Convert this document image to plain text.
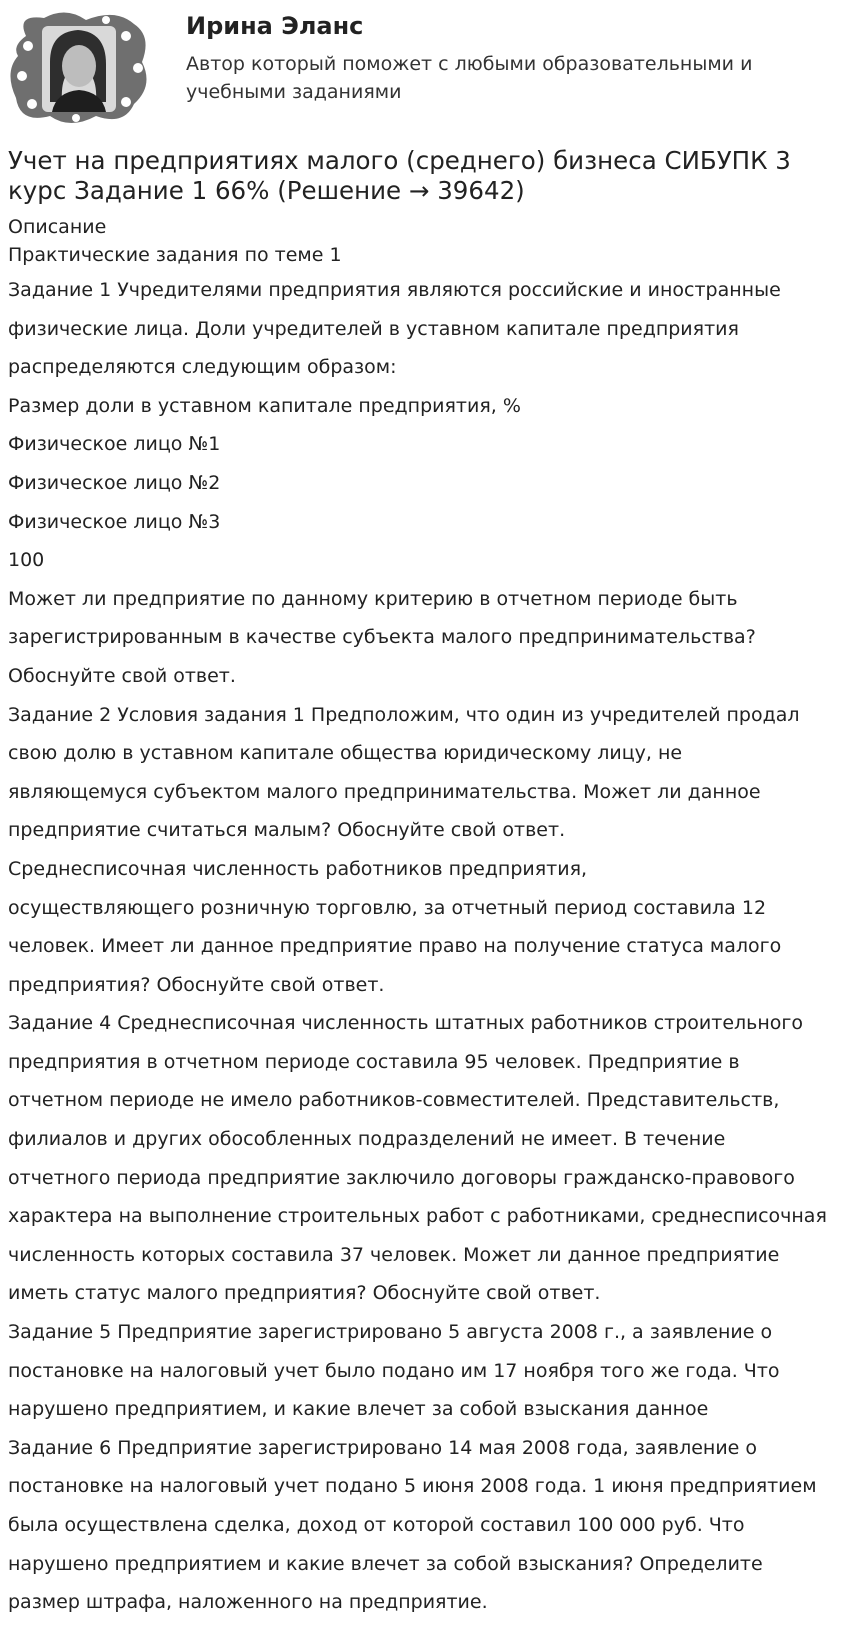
Ирина Эланс
Автор который поможет с любыми образовательными и учебными заданиями
Учет на предприятиях малого (среднего) бизнеса СИБУПК 3 курс Задание 1 66% (Решение → 39642)
Описание
Практические задания по теме 1
Задание 1 Учредителями предприятия являются российские и иностранные
физические лица. Доли учредителей в уставном капитале предприятия
распределяются следующим образом:
Размер доли в уставном капитале предприятия, %
Физическое лицо №1
Физическое лицо №2
Физическое лицо №3
100
Может ли предприятие по данному критерию в отчетном периоде быть
зарегистрированным в качестве субъекта малого предпринимательства?
Обоснуйте свой ответ.
Задание 2 Условия задания 1 Предположим, что один из учредителей продал
свою долю в уставном капитале общества юридическому лицу, не
являющемуся субъектом малого предпринимательства. Может ли данное
предприятие считаться малым? Обоснуйте свой ответ.
Среднесписочная численность работников предприятия,
осуществляющего розничную торговлю, за отчетный период составила 12
человек. Имеет ли данное предприятие право на получение статуса малого
предприятия? Обоснуйте свой ответ.
Задание 4 Среднесписочная численность штатных работников строительного
предприятия в отчетном периоде составила 95 человек. Предприятие в
отчетном периоде не имело работников-совместителей. Представительств,
филиалов и других обособленных подразделений не имеет. В течение
отчетного периода предприятие заключило договоры гражданско-правового
характера на выполнение строительных работ с работниками, среднесписочная
численность которых составила 37 человек. Может ли данное предприятие
иметь статус малого предприятия? Обоснуйте свой ответ.
Задание 5 Предприятие зарегистрировано 5 августа 2008 г., а заявление о
постановке на налоговый учет было подано им 17 ноября того же года. Что
нарушено предприятием, и какие влечет за собой взыскания данное
Задание 6 Предприятие зарегистрировано 14 мая 2008 года, заявление о
постановке на налоговый учет подано 5 июня 2008 года. 1 июня предприятием
была осуществлена сделка, доход от которой составил 100 000 руб. Что
нарушено предприятием и какие влечет за собой взыскания? Определите
размер штрафа, наложенного на предприятие.
